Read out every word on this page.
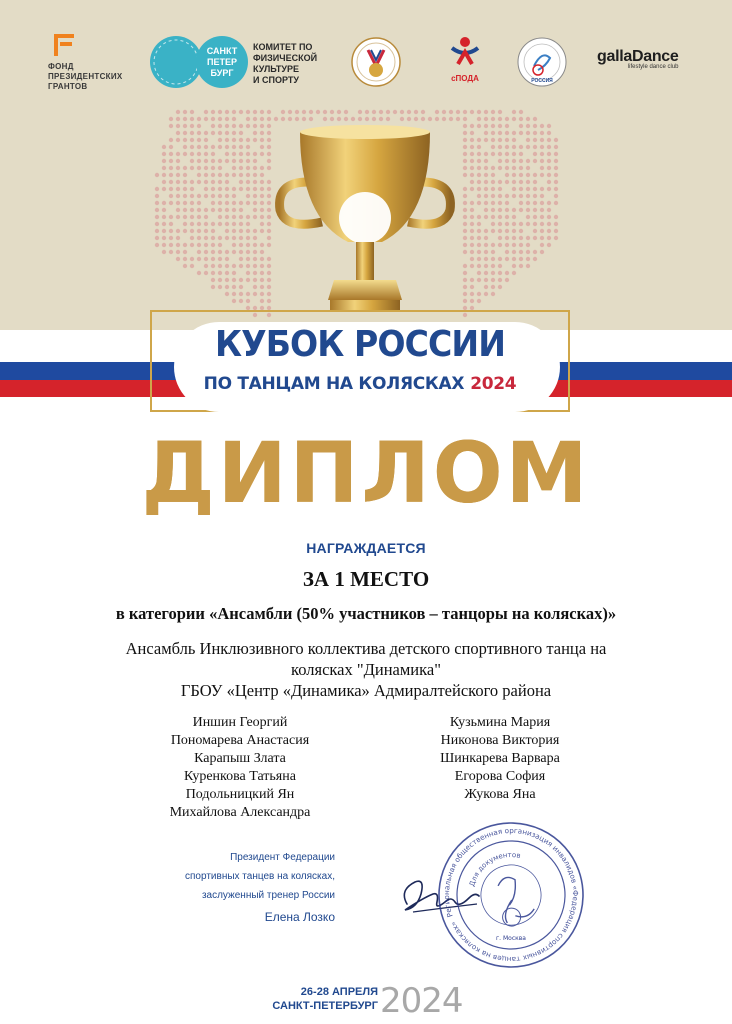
ФОНД
ПРЕЗИДЕНТСКИХ
ГРАНТОВ
САНКТ
ПЕТЕР
БУРГ
КОМИТЕТ ПО
ФИЗИЧЕСКОЙ
КУЛЬТУРЕ
И СПОРТУ	сПОДА	РОССИЯ
gallaDance
lifestyle dance club
КУБОК РОССИИ
ПО ТАНЦАМ НА КОЛЯСКАХ 2024
ДИПЛОМ
НАГРАЖДАЕТСЯ
ЗА 1 МЕСТО
в категории «Ансамбли (50% участников – танцоры на колясках)»
Ансамбль Инклюзивного коллектива детского спортивного танца на
колясках "Динамика"
ГБОУ «Центр «Динамика» Адмиралтейского района
Иншин Георгий
Пономарева Анастасия
Карапыш Злата
Куренкова Татьяна
Подольницкий Ян
Михайлова Александра
Кузьмина Мария
Никонова Виктория
Шинкарева Варвара
Егорова София
Жукова Яна
Президент Федерации
спортивных танцев на колясках,
заслуженный тренер России
Елена Лозко	Региональная общественная организация инвалидов «Федерация спортивных танцев на колясках»
Для документов
г. Москва
26-28 АПРЕЛЯ
САНКТ-ПЕТЕРБУРГ 2024
